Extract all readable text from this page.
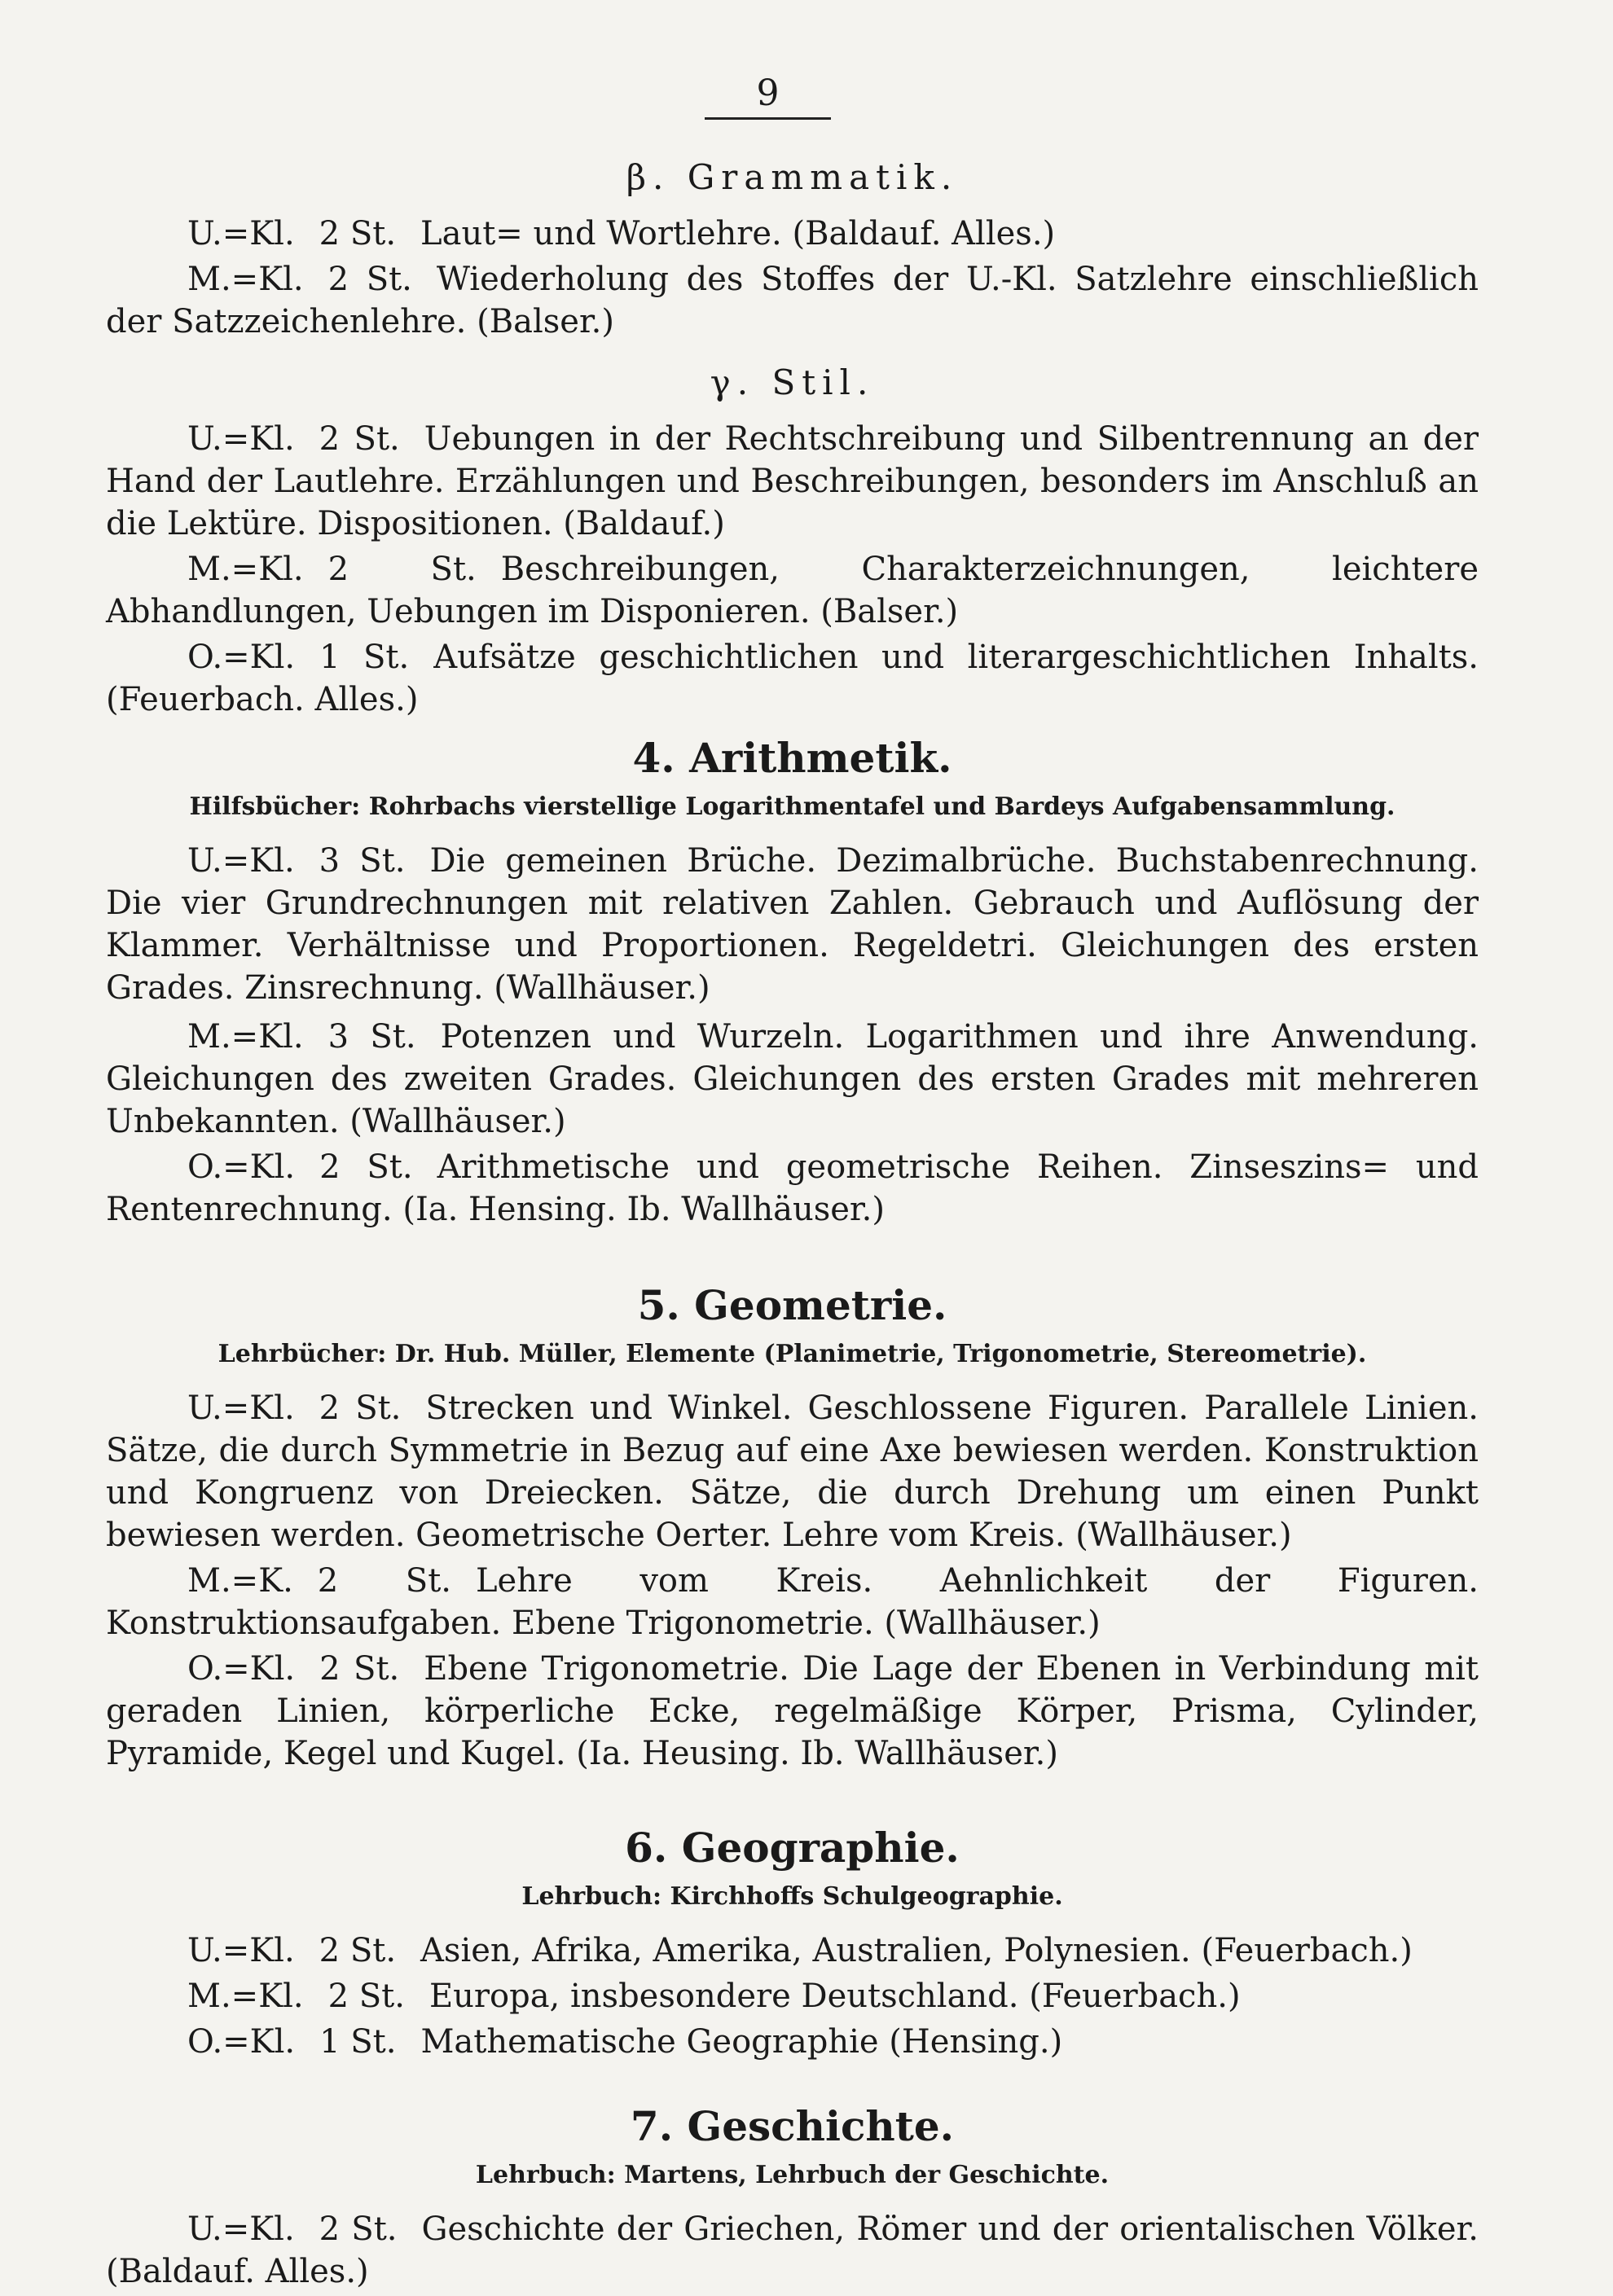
9
β. Grammatik.

U.=Kl. 2 St. Laut= und Wortlehre. (Baldauf. Alles.)

M.=Kl. 2 St. Wiederholung des Stoffes der U.-Kl. Satzlehre einschließlich der Satzzeichenlehre. (Balser.)

γ. Stil.

U.=Kl. 2 St. Uebungen in der Rechtschreibung und Silbentrennung an der Hand der Lautlehre. Erzählungen und Beschreibungen, besonders im Anschluß an die Lektüre. Dispositionen. (Baldauf.)

M.=Kl. 2 St. Beschreibungen, Charakterzeichnungen, leichtere Abhandlungen, Uebungen im Disponieren. (Balser.)

O.=Kl. 1 St. Aufsätze geschichtlichen und literargeschichtlichen Inhalts. (Feuerbach. Alles.)

4. Arithmetik.
Hilfsbücher: Rohrbachs vierstellige Logarithmentafel und Bardeys Aufgabensammlung.

U.=Kl. 3 St. Die gemeinen Brüche. Dezimalbrüche. Buchstabenrechnung. Die vier Grundrechnungen mit relativen Zahlen. Gebrauch und Auflösung der Klammer. Verhältnisse und Proportionen. Regeldetri. Gleichungen des ersten Grades. Zinsrechnung. (Wallhäuser.)

M.=Kl. 3 St. Potenzen und Wurzeln. Logarithmen und ihre Anwendung. Gleichungen des zweiten Grades. Gleichungen des ersten Grades mit mehreren Unbekannten. (Wallhäuser.)

O.=Kl. 2 St. Arithmetische und geometrische Reihen. Zinseszins= und Rentenrechnung. (Ia. Hensing. Ib. Wallhäuser.)

5. Geometrie.
Lehrbücher: Dr. Hub. Müller, Elemente (Planimetrie, Trigonometrie, Stereometrie).

U.=Kl. 2 St. Strecken und Winkel. Geschlossene Figuren. Parallele Linien. Sätze, die durch Symmetrie in Bezug auf eine Axe bewiesen werden. Konstruktion und Kongruenz von Dreiecken. Sätze, die durch Drehung um einen Punkt bewiesen werden. Geometrische Oerter. Lehre vom Kreis. (Wallhäuser.)

M.=K. 2 St. Lehre vom Kreis. Aehnlichkeit der Figuren. Konstruktionsaufgaben. Ebene Trigonometrie. (Wallhäuser.)

O.=Kl. 2 St. Ebene Trigonometrie. Die Lage der Ebenen in Verbindung mit geraden Linien, körperliche Ecke, regelmäßige Körper, Prisma, Cylinder, Pyramide, Kegel und Kugel. (Ia. Heusing. Ib. Wallhäuser.)

6. Geographie.
Lehrbuch: Kirchhoffs Schulgeographie.

U.=Kl. 2 St. Asien, Afrika, Amerika, Australien, Polynesien. (Feuerbach.)

M.=Kl. 2 St. Europa, insbesondere Deutschland. (Feuerbach.)

O.=Kl. 1 St. Mathematische Geographie (Hensing.)

7. Geschichte.
Lehrbuch: Martens, Lehrbuch der Geschichte.

U.=Kl. 2 St. Geschichte der Griechen, Römer und der orientalischen Völker. (Baldauf. Alles.)
